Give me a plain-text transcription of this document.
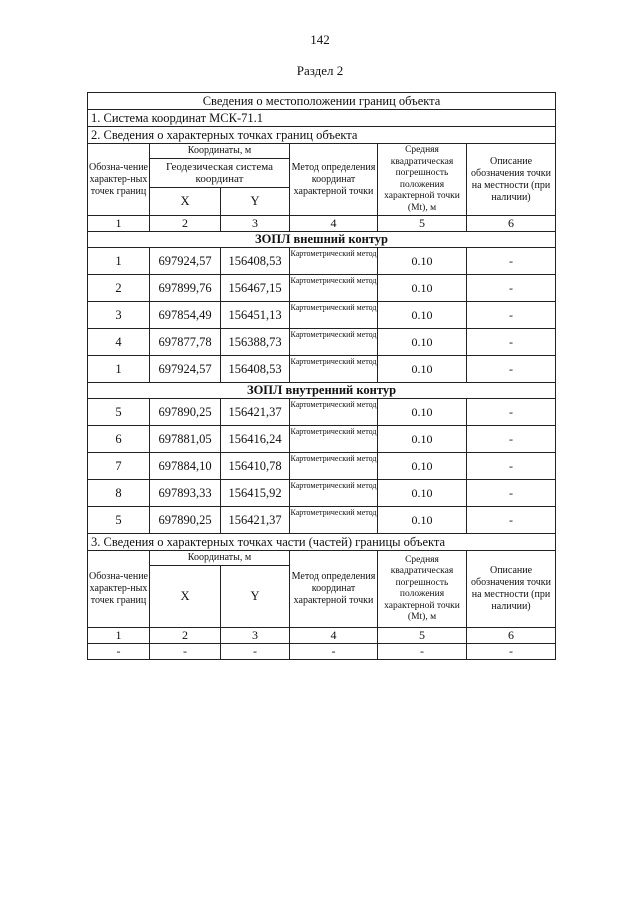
142
Раздел 2
Сведения о местоположении границ объекта					
1. Система координат МСК-71.1					
2. Сведения о характерных точках границ объекта					
Обозна-чение характер-ных точек границ	Координаты, м		Метод определения координат характерной точки	Средняя квадратическая погрешность положения характерной точки (Mt), м	Описание обозначения точки на местности (при наличии)
	Геодезическая система координат				
	X	Y			
1	2	3	4	5	6
ЗОПЛ внешний контур					
1	697924,57	156408,53	Картометрический метод	0.10	-
2	697899,76	156467,15	Картометрический метод	0.10	-
3	697854,49	156451,13	Картометрический метод	0.10	-
4	697877,78	156388,73	Картометрический метод	0.10	-
1	697924,57	156408,53	Картометрический метод	0.10	-
ЗОПЛ внутренний контур					
5	697890,25	156421,37	Картометрический метод	0.10	-
6	697881,05	156416,24	Картометрический метод	0.10	-
7	697884,10	156410,78	Картометрический метод	0.10	-
8	697893,33	156415,92	Картометрический метод	0.10	-
5	697890,25	156421,37	Картометрический метод	0.10	-
3. Сведения о характерных точках части (частей) границы объекта					
Обозна-чение характер-ных точек границ	Координаты, м		Метод определения координат характерной точки	Средняя квадратическая погрешность положения характерной точки (Mt), м	Описание обозначения точки на местности (при наличии)
	X	Y			
1	2	3	4	5	6
-	-	-	-	-	-
